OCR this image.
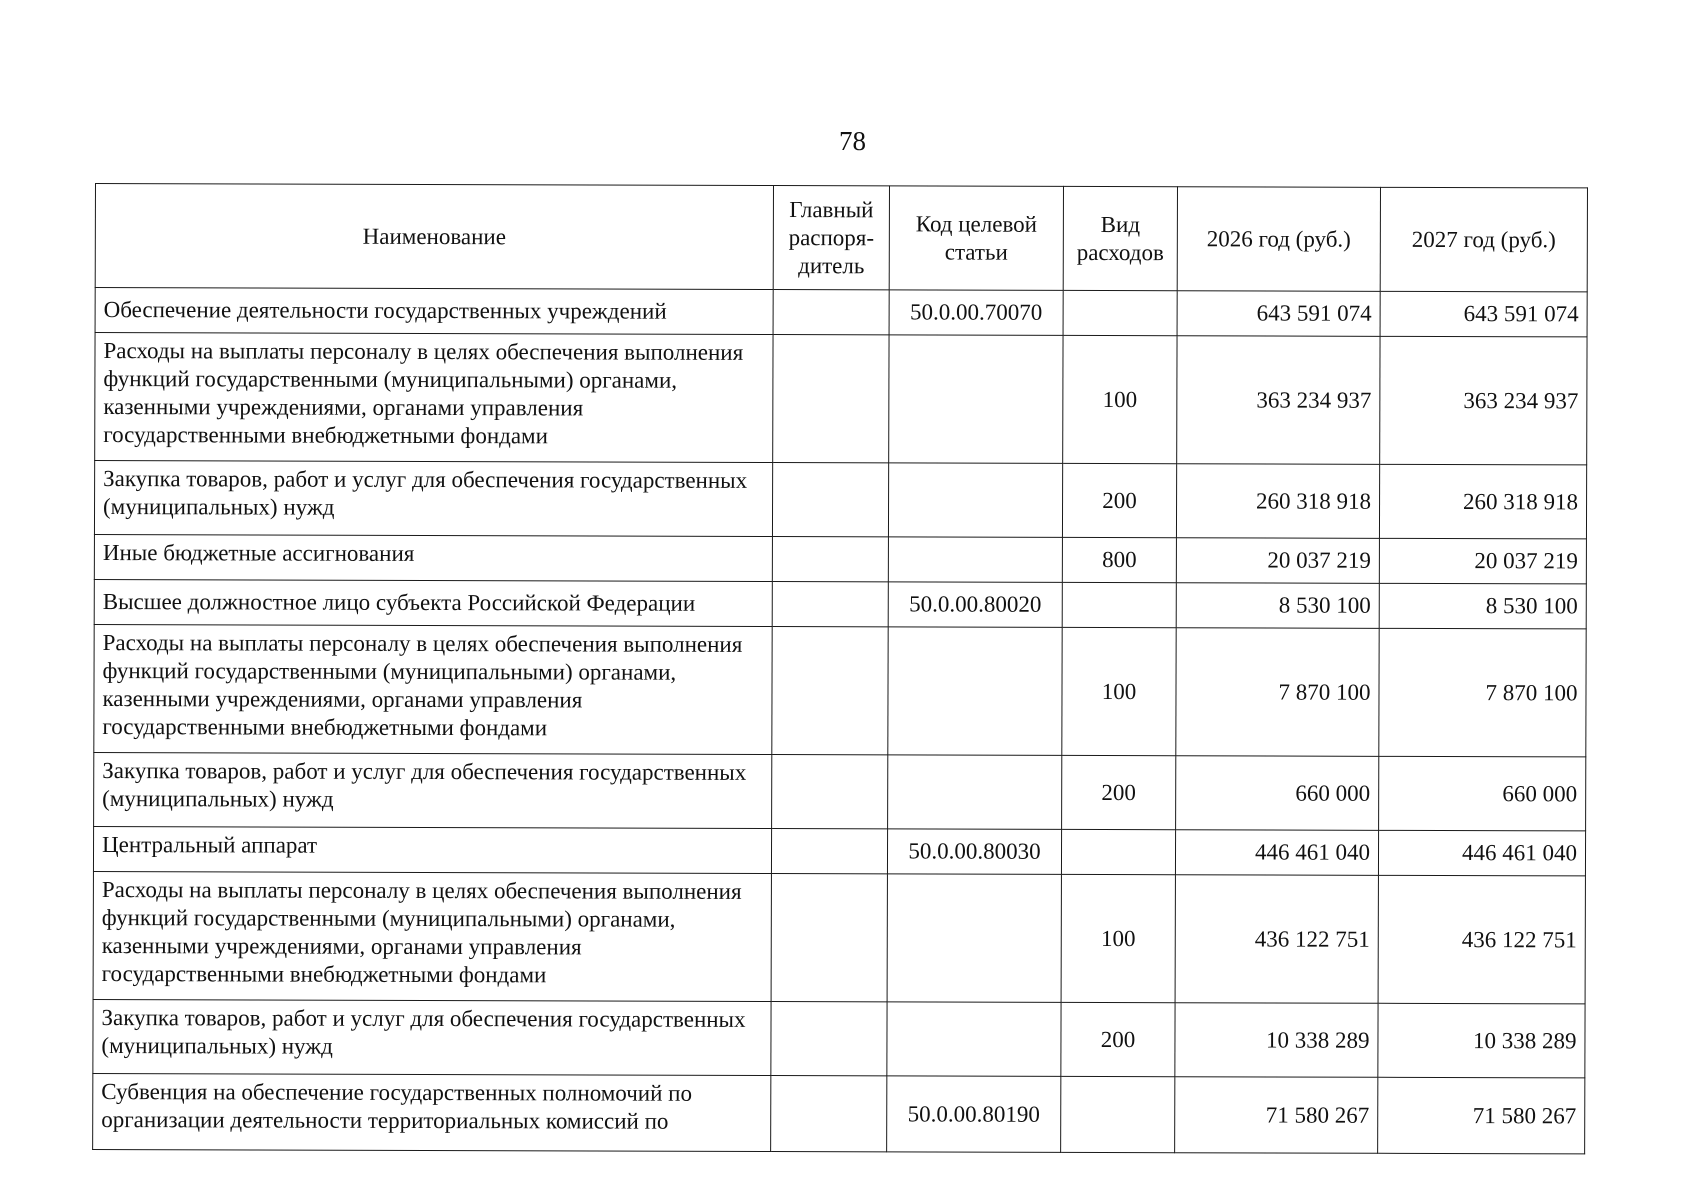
78
Наименование	Главный распоря-дитель	Код целевой статьи	Вид расходов	2026 год (руб.)	2027 год (руб.)
Обеспечение деятельности государственных учреждений		50.0.00.70070		643 591 074	643 591 074
Расходы на выплаты персоналу в целях обеспечения выполнения функций государственными (муниципальными) органами, казенными учреждениями, органами управления государственными внебюджетными фондами			100	363 234 937	363 234 937
Закупка товаров, работ и услуг для обеспечения государственных (муниципальных) нужд			200	260 318 918	260 318 918
Иные бюджетные ассигнования			800	20 037 219	20 037 219
Высшее должностное лицо субъекта Российской Федерации		50.0.00.80020		8 530 100	8 530 100
Расходы на выплаты персоналу в целях обеспечения выполнения функций государственными (муниципальными) органами, казенными учреждениями, органами управления государственными внебюджетными фондами			100	7 870 100	7 870 100
Закупка товаров, работ и услуг для обеспечения государственных (муниципальных) нужд			200	660 000	660 000
Центральный аппарат		50.0.00.80030		446 461 040	446 461 040
Расходы на выплаты персоналу в целях обеспечения выполнения функций государственными (муниципальными) органами, казенными учреждениями, органами управления государственными внебюджетными фондами			100	436 122 751	436 122 751
Закупка товаров, работ и услуг для обеспечения государственных (муниципальных) нужд			200	10 338 289	10 338 289
Субвенция на обеспечение государственных полномочий по организации деятельности территориальных комиссий по		50.0.00.80190		71 580 267	71 580 267
